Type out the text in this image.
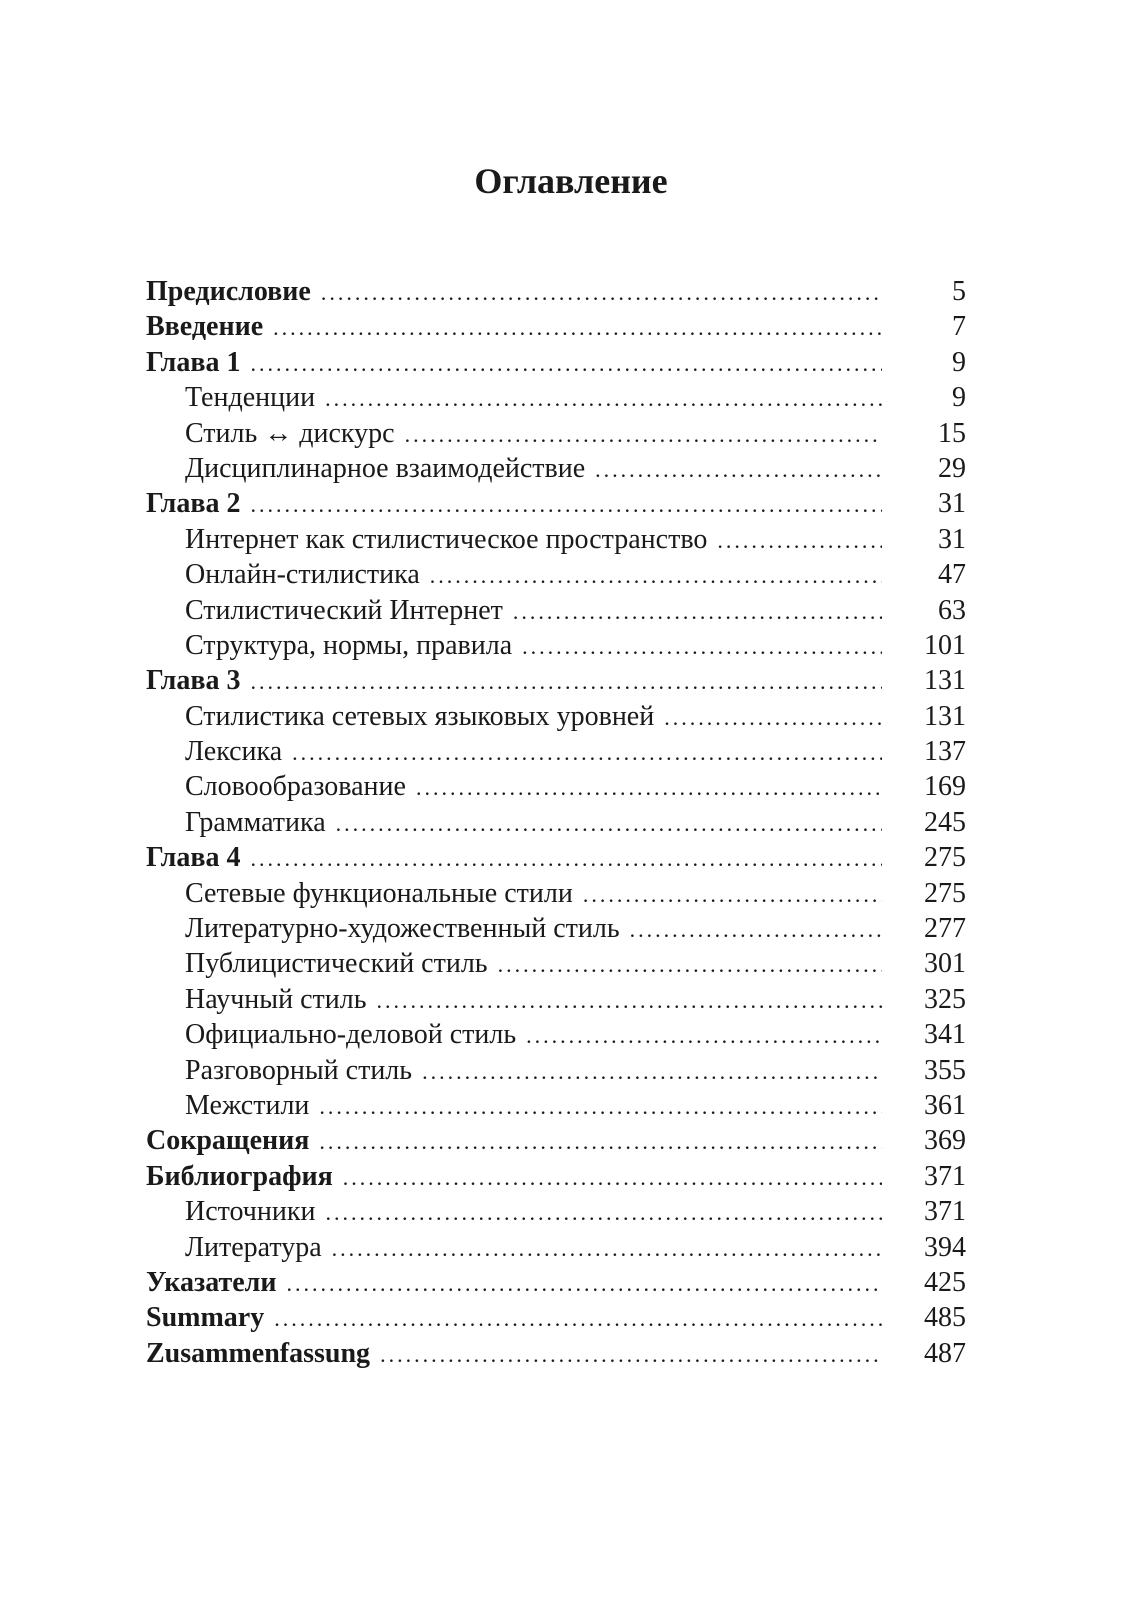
Оглавление
Предисловие .....	5
Введение .....	7
Глава 1 .....	9
Тенденции .....	9
Стиль ↔ дискурс .....	15
Дисциплинарное взаимодействие .....	29
Глава 2 .....	31
Интернет как стилистическое пространство .....	31
Онлайн-стилистика .....	47
Стилистический Интернет .....	63
Структура, нормы, правила .....	101
Глава 3 .....	131
Стилистика сетевых языковых уровней .....	131
Лексика .....	137
Словообразование .....	169
Грамматика .....	245
Глава 4 .....	275
Сетевые функциональные стили .....	275
Литературно-художественный стиль .....	277
Публицистический стиль .....	301
Научный стиль .....	325
Официально-деловой стиль .....	341
Разговорный стиль .....	355
Межстили .....	361
Сокращения .....	369
Библиография .....	371
Источники .....	371
Литература .....	394
Указатели .....	425
Summary .....	485
Zusammenfassung .....	487
